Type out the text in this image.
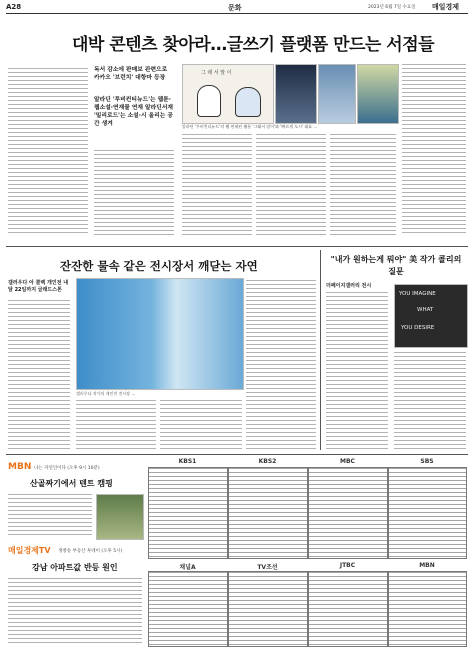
A28	문화	2023년 6월 7일 수요일 매일경제
대박 콘텐츠 찾아라…글쓰기 플랫폼 만드는 서점들
독서 감소에 판매보 관련으로 카카오 '브런치' 대항마 등장
알라딘 '투비컨티뉴드'는 웹툰·웹소설·연재물 연재 알라딘서재 '밀리로드'는 소설·시 올리는 공간 생겨
그 래 서 말 이
알라딘 '투비컨티뉴드'의 웹 연재된 웹툰 '그래서 말이'와 '빠르게 도시' 대표 …
잔잔한 물속 같은 전시장서 깨닫는 자연
갤러우다 아 콜렉 개인전 내달 22일까지 글래드스톤
갤러우다 작가의 개인전 전시장 …
"내가 원하는게 뭐야" 美 작가 콜리의 질문
더페이지갤러리 전시
YOU IMAGINE
WHAT
YOU DESIRE
MBN 나는 자연인이다 (오후 9시 10분)
산골짜기에서 텐트 캠핑
매일경제TV 생방송 부동산 투데이 (오후 5시)
강남 아파트값 반등 원인
KBS1	KBS2	MBC	SBS
채널A	TV조선	JTBC	MBN
